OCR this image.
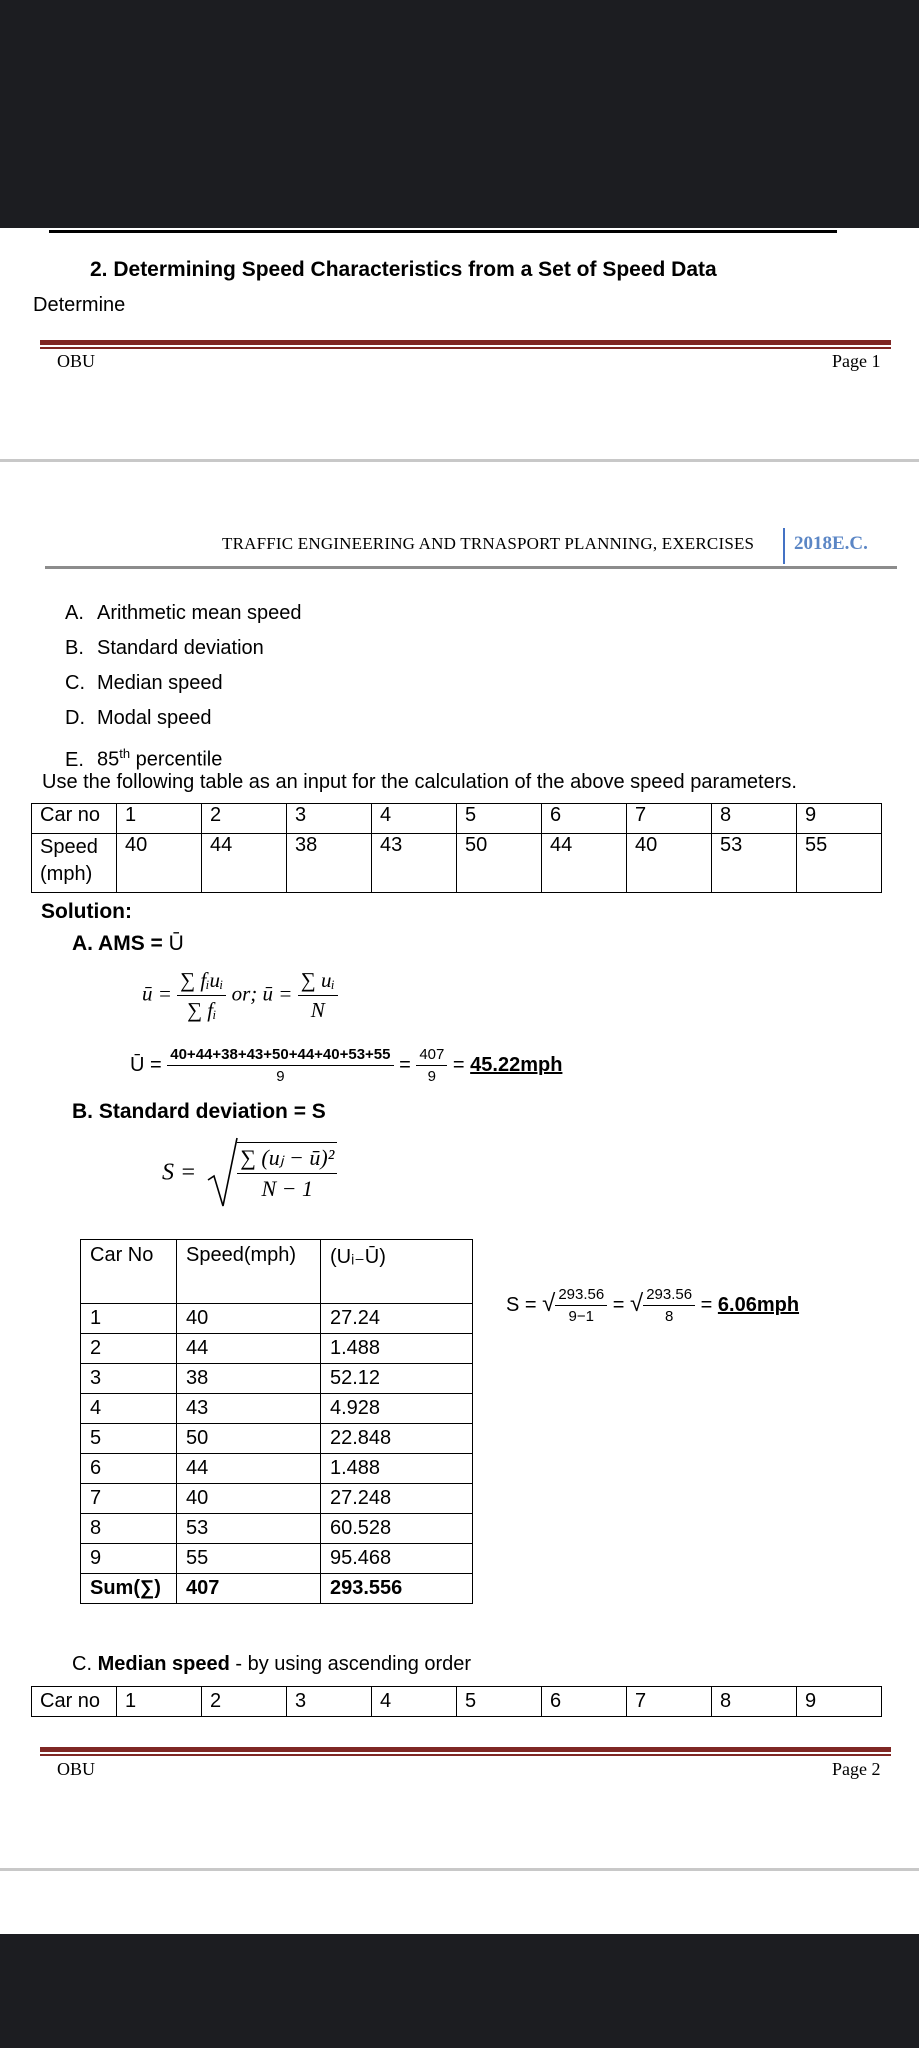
2. Determining Speed Characteristics from a Set of Speed Data
Determine
OBU	Page 1
TRAFFIC ENGINEERING AND TRNASPORT PLANNING, EXERCISES 2018E.C.
A. Arithmetic mean speed
B. Standard deviation
C. Median speed
D. Modal speed
E. 85th percentile
Use the following table as an input for the calculation of the above speed parameters.
Car no	1	2	3	4	5	6	7	8	9
Speed (mph)	40	44	38	43	50	44	40	53	55
Solution:
A. AMS = Ū
ū = $\frac{\text{∑ fᵢuᵢ}}{\text{∑ fᵢ}}$ or; ū = $\frac{\text{∑ uᵢ}}{N}$
Ū = $\frac{40+44+38+43+50+44+40+53+55}{9} = \frac{407}{9} = 45.22mph$
B. Standard deviation = S
$S = \frac{\text{∑ (uⱼ − ū)²}}{N - 1}$
Car No	Speed(mph)	(Uᵢ₋Ū)
1	40	27.24
2	44	1.488
3	38	52.12
4	43	4.928
5	50	22.848
6	44	1.488
7	40	27.248
8	53	60.528
9	55	95.468
Sum(∑)	407	293.556
S = √ $\frac{293.56}{9-1}$ = √ $\frac{293.56}{8} = 6.06mph$
C. Median speed - by using ascending order
Car no	1	2	3	4	5	6	7	8	9
OBU	Page 2
